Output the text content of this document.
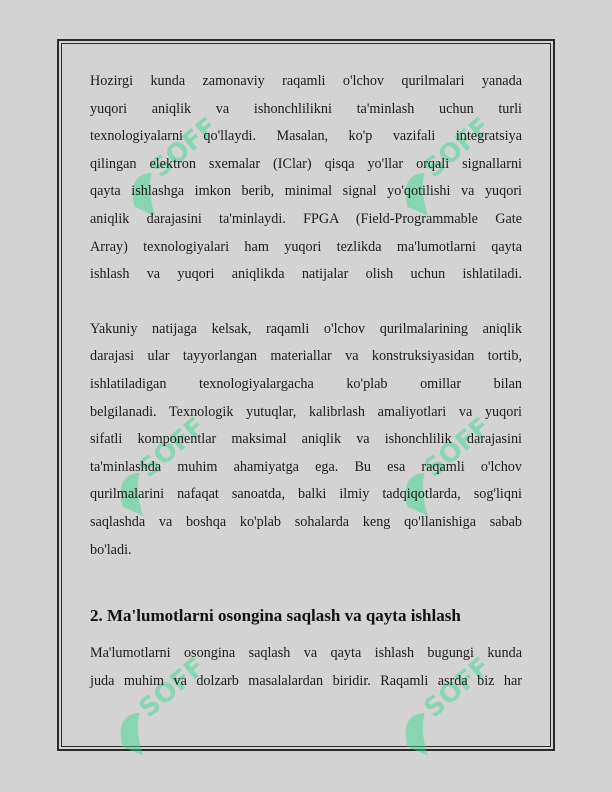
SOFF	SOFF
SOFF	SOFF
SOFF	SOFF

Hozirgi kunda zamonaviy raqamli o'lchov qurilmalari yanada

yuqori aniqlik va ishonchlilikni ta'minlash uchun turli

texnologiyalarni qo'llaydi. Masalan, ko'p vazifali integratsiya

qilingan elektron sxemalar (IClar) qisqa yo'llar orqali signallarni

qayta ishlashga imkon berib, minimal signal yo'qotilishi va yuqori

aniqlik darajasini ta'minlaydi. FPGA (Field-Programmable Gate

Array) texnologiyalari ham yuqori tezlikda ma'lumotlarni qayta

ishlash va yuqori aniqlikda natijalar olish uchun ishlatiladi.

Yakuniy natijaga kelsak, raqamli o'lchov qurilmalarining aniqlik

darajasi ular tayyorlangan materiallar va konstruksiyasidan tortib,

ishlatiladigan texnologiyalargacha ko'plab omillar bilan

belgilanadi. Texnologik yutuqlar, kalibrlash amaliyotlari va yuqori

sifatli komponentlar maksimal aniqlik va ishonchlilik darajasini

ta'minlashda muhim ahamiyatga ega. Bu esa raqamli o'lchov

qurilmalarini nafaqat sanoatda, balki ilmiy tadqiqotlarda, sog'liqni

saqlashda va boshqa ko'plab sohalarda keng qo'llanishiga sabab

bo'ladi.

2. Ma'lumotlarni osongina saqlash va qayta ishlash

Ma'lumotlarni osongina saqlash va qayta ishlash bugungi kunda

juda muhim va dolzarb masalalardan biridir. Raqamli asrda biz har
